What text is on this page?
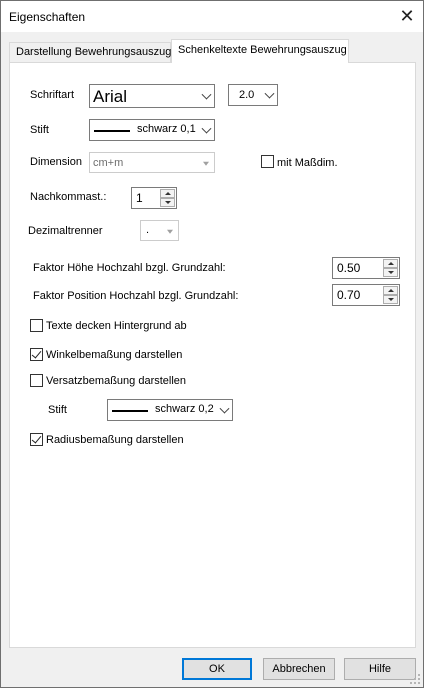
Eigenschaften	✕
Darstellung Bewehrungsauszug Schenkeltexte Bewehrungsauszug
Schriftart Arial	2.0
Stift	schwarz 0,1
Dimension cm+m	mit Maßdim.
Nachkommast.: 1
Dezimaltrenner	.
Faktor Höhe Hochzahl bzgl. Grundzahl:	0.50
Faktor Position Hochzahl bzgl. Grundzahl:	0.70
Texte decken Hintergrund ab
Winkelbemaßung darstellen
Versatzbemaßung darstellen
Stift	schwarz 0,2
Radiusbemaßung darstellen
OK	Abbrechen	Hilfe
